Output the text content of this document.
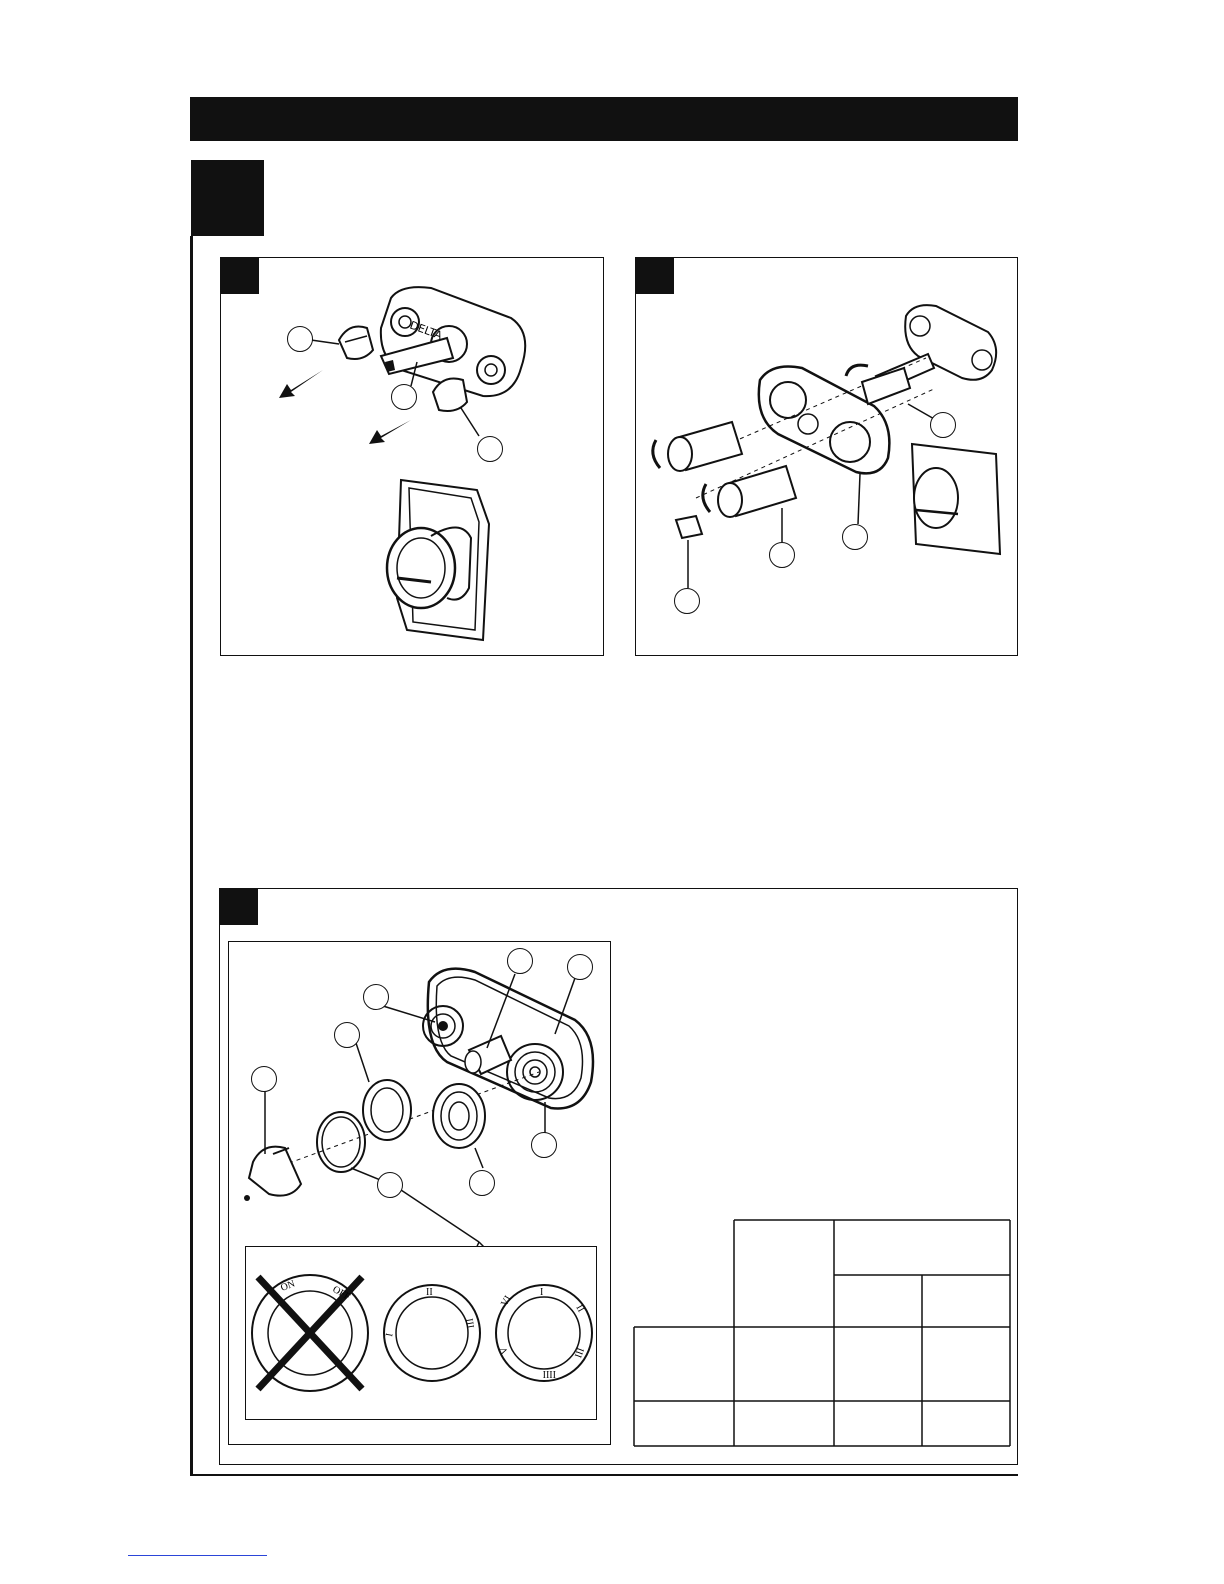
DELTA
ON	OFF	II
I
III
I
II
III
IIII
V
VI
